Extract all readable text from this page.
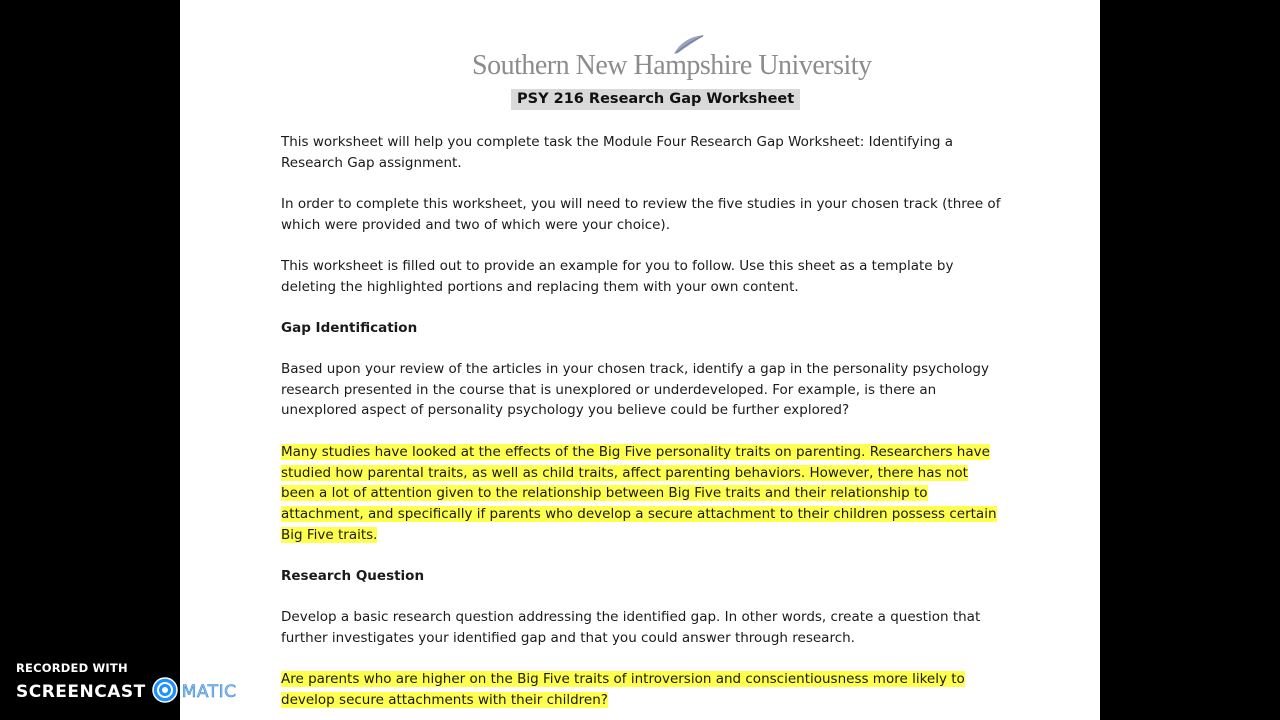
Southern New Hampshire University
PSY 216 Research Gap Worksheet
This worksheet will help you complete task the Module Four Research Gap Worksheet: Identifying a Research Gap assignment.
In order to complete this worksheet, you will need to review the five studies in your chosen track (three of which were provided and two of which were your choice).
This worksheet is filled out to provide an example for you to follow. Use this sheet as a template by deleting the highlighted portions and replacing them with your own content.
Gap Identification
Based upon your review of the articles in your chosen track, identify a gap in the personality psychology research presented in the course that is unexplored or underdeveloped. For example, is there an unexplored aspect of personality psychology you believe could be further explored?
Many studies have looked at the effects of the Big Five personality traits on parenting. Researchers have studied how parental traits, as well as child traits, affect parenting behaviors. However, there has not been a lot of attention given to the relationship between Big Five traits and their relationship to attachment, and specifically if parents who develop a secure attachment to their children possess certain Big Five traits.
Research Question
Develop a basic research question addressing the identified gap. In other words, create a question that further investigates your identified gap and that you could answer through research.
Are parents who are higher on the Big Five traits of introversion and conscientiousness more likely to develop secure attachments with their children?
RECORDED WITH
SCREENCAST MATIC
